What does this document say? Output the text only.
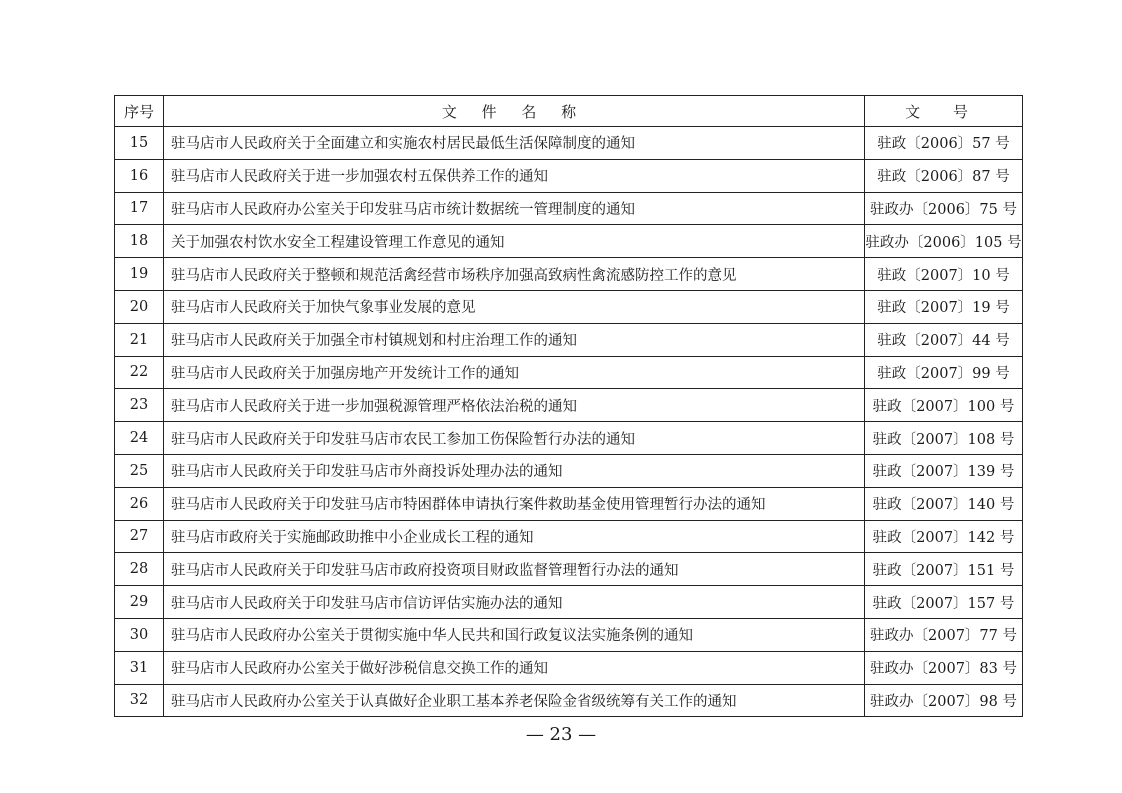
序号	文 件 名 称	文 号
15	驻马店市人民政府关于全面建立和实施农村居民最低生活保障制度的通知	驻政〔2006〕57 号
16	驻马店市人民政府关于进一步加强农村五保供养工作的通知	驻政〔2006〕87 号
17	驻马店市人民政府办公室关于印发驻马店市统计数据统一管理制度的通知	驻政办〔2006〕75 号
18	关于加强农村饮水安全工程建设管理工作意见的通知	驻政办〔2006〕105 号
19	驻马店市人民政府关于整顿和规范活禽经营市场秩序加强高致病性禽流感防控工作的意见	驻政〔2007〕10 号
20	驻马店市人民政府关于加快气象事业发展的意见	驻政〔2007〕19 号
21	驻马店市人民政府关于加强全市村镇规划和村庄治理工作的通知	驻政〔2007〕44 号
22	驻马店市人民政府关于加强房地产开发统计工作的通知	驻政〔2007〕99 号
23	驻马店市人民政府关于进一步加强税源管理严格依法治税的通知	驻政〔2007〕100 号
24	驻马店市人民政府关于印发驻马店市农民工参加工伤保险暂行办法的通知	驻政〔2007〕108 号
25	驻马店市人民政府关于印发驻马店市外商投诉处理办法的通知	驻政〔2007〕139 号
26	驻马店市人民政府关于印发驻马店市特困群体申请执行案件救助基金使用管理暂行办法的通知	驻政〔2007〕140 号
27	驻马店市政府关于实施邮政助推中小企业成长工程的通知	驻政〔2007〕142 号
28	驻马店市人民政府关于印发驻马店市政府投资项目财政监督管理暂行办法的通知	驻政〔2007〕151 号
29	驻马店市人民政府关于印发驻马店市信访评估实施办法的通知	驻政〔2007〕157 号
30	驻马店市人民政府办公室关于贯彻实施中华人民共和国行政复议法实施条例的通知	驻政办〔2007〕77 号
31	驻马店市人民政府办公室关于做好涉税信息交换工作的通知	驻政办〔2007〕83 号
32	驻马店市人民政府办公室关于认真做好企业职工基本养老保险金省级统筹有关工作的通知	驻政办〔2007〕98 号
— 23 —
